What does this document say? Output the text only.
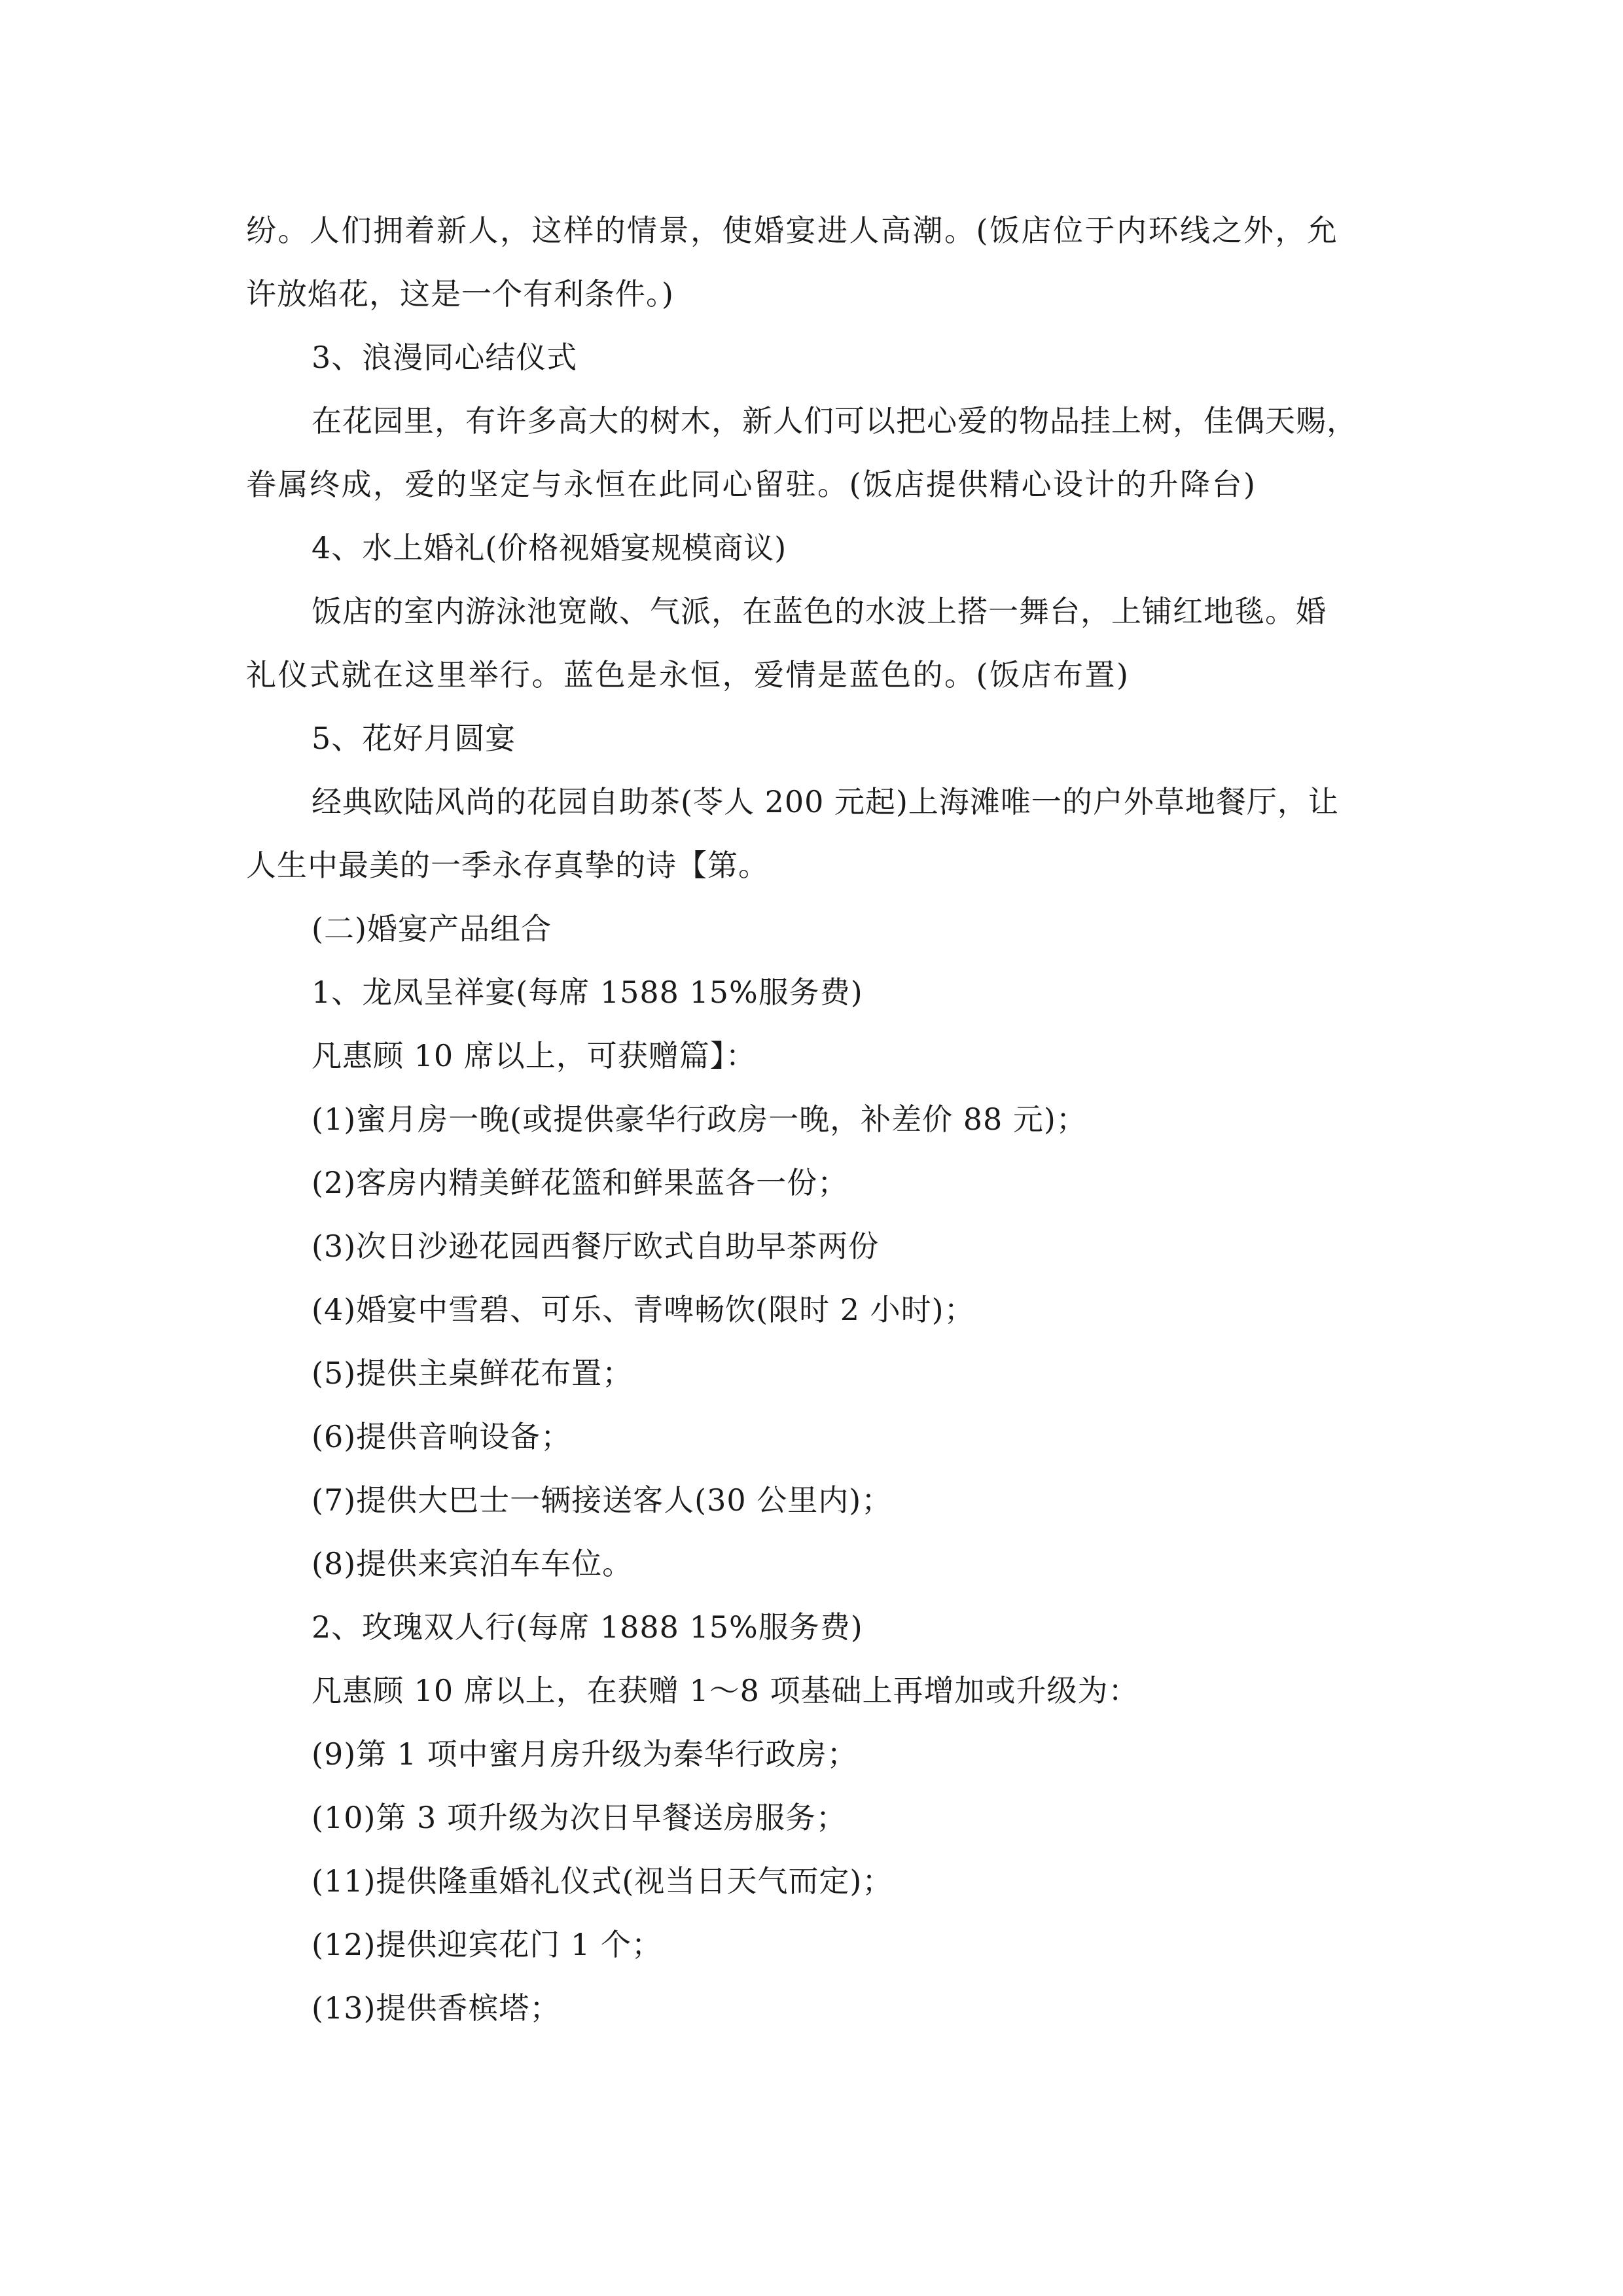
纷。人们拥着新人，这样的情景，使婚宴进人高潮。(饭店位于内环线之外，允
许放焰花，这是一个有利条件。)
3、浪漫同心结仪式
在花园里，有许多高大的树木，新人们可以把心爱的物品挂上树，佳偶天赐，
眷属终成，爱的坚定与永恒在此同心留驻。(饭店提供精心设计的升降台)
4、水上婚礼(价格视婚宴规模商议)
饭店的室内游泳池宽敞、气派，在蓝色的水波上搭一舞台，上铺红地毯。婚
礼仪式就在这里举行。蓝色是永恒，爱情是蓝色的。(饭店布置)
5、花好月圆宴
经典欧陆风尚的花园自助茶(苓人 200 元起)上海滩唯一的户外草地餐厅，让
人生中最美的一季永存真挚的诗【第。
(二)婚宴产品组合
1、龙凤呈祥宴(每席 1588 15%服务费)
凡惠顾 10 席以上，可获赠篇】：
(1)蜜月房一晚(或提供豪华行政房一晚，补差价 88 元)；
(2)客房内精美鲜花篮和鲜果蓝各一份；
(3)次日沙逊花园西餐厅欧式自助早茶两份
(4)婚宴中雪碧、可乐、青啤畅饮(限时 2 小时)；
(5)提供主桌鲜花布置；
(6)提供音响设备；
(7)提供大巴士一辆接送客人(30 公里内)；
(8)提供来宾泊车车位。
2、玫瑰双人行(每席 1888 15%服务费)
凡惠顾 10 席以上，在获赠 1～8 项基础上再增加或升级为：
(9)第 1 项中蜜月房升级为秦华行政房；
(10)第 3 项升级为次日早餐送房服务；
(11)提供隆重婚礼仪式(视当日天气而定)；
(12)提供迎宾花门 1 个；
(13)提供香槟塔；
